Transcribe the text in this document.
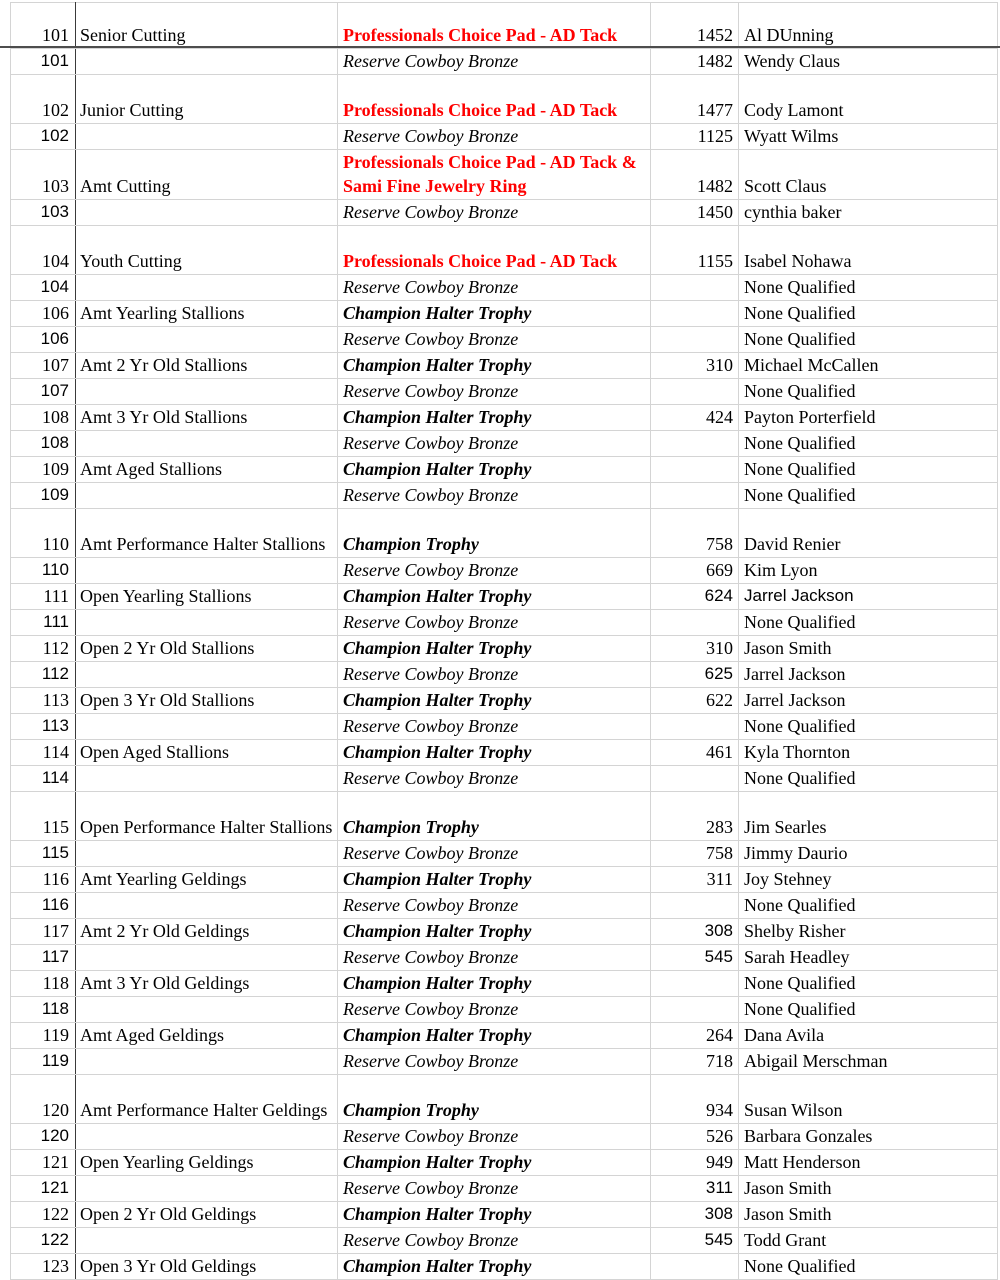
101	Senior Cutting	Professionals Choice Pad - AD Tack	1452	Al DUnning
101		Reserve Cowboy Bronze	1482	Wendy Claus
102	Junior Cutting	Professionals Choice Pad - AD Tack	1477	Cody Lamont
102		Reserve Cowboy Bronze	1125	Wyatt Wilms
103	Amt Cutting	Professionals Choice Pad - AD Tack & Sami Fine Jewelry Ring	1482	Scott Claus
103		Reserve Cowboy Bronze	1450	cynthia baker
104	Youth Cutting	Professionals Choice Pad - AD Tack	1155	Isabel Nohawa
104		Reserve Cowboy Bronze		None Qualified
106	Amt Yearling Stallions	Champion Halter Trophy		None Qualified
106		Reserve Cowboy Bronze		None Qualified
107	Amt 2 Yr Old Stallions	Champion Halter Trophy	310	Michael McCallen
107		Reserve Cowboy Bronze		None Qualified
108	Amt 3 Yr Old Stallions	Champion Halter Trophy	424	Payton Porterfield
108		Reserve Cowboy Bronze		None Qualified
109	Amt Aged Stallions	Champion Halter Trophy		None Qualified
109		Reserve Cowboy Bronze		None Qualified
110	Amt Performance Halter Stallions	Champion Trophy	758	David Renier
110		Reserve Cowboy Bronze	669	Kim Lyon
111	Open Yearling Stallions	Champion Halter Trophy	624	Jarrel Jackson
111		Reserve Cowboy Bronze		None Qualified
112	Open 2 Yr Old Stallions	Champion Halter Trophy	310	Jason Smith
112		Reserve Cowboy Bronze	625	Jarrel Jackson
113	Open 3 Yr Old Stallions	Champion Halter Trophy	622	Jarrel Jackson
113		Reserve Cowboy Bronze		None Qualified
114	Open Aged Stallions	Champion Halter Trophy	461	Kyla Thornton
114		Reserve Cowboy Bronze		None Qualified
115	Open Performance Halter Stallions	Champion Trophy	283	Jim Searles
115		Reserve Cowboy Bronze	758	Jimmy Daurio
116	Amt Yearling Geldings	Champion Halter Trophy	311	Joy Stehney
116		Reserve Cowboy Bronze		None Qualified
117	Amt 2 Yr Old Geldings	Champion Halter Trophy	308	Shelby Risher
117		Reserve Cowboy Bronze	545	Sarah Headley
118	Amt 3 Yr Old Geldings	Champion Halter Trophy		None Qualified
118		Reserve Cowboy Bronze		None Qualified
119	Amt Aged Geldings	Champion Halter Trophy	264	Dana Avila
119		Reserve Cowboy Bronze	718	Abigail Merschman
120	Amt Performance Halter Geldings	Champion Trophy	934	Susan Wilson
120		Reserve Cowboy Bronze	526	Barbara Gonzales
121	Open Yearling Geldings	Champion Halter Trophy	949	Matt Henderson
121		Reserve Cowboy Bronze	311	Jason Smith
122	Open 2 Yr Old Geldings	Champion Halter Trophy	308	Jason Smith
122		Reserve Cowboy Bronze	545	Todd Grant
123	Open 3 Yr Old Geldings	Champion Halter Trophy		None Qualified
